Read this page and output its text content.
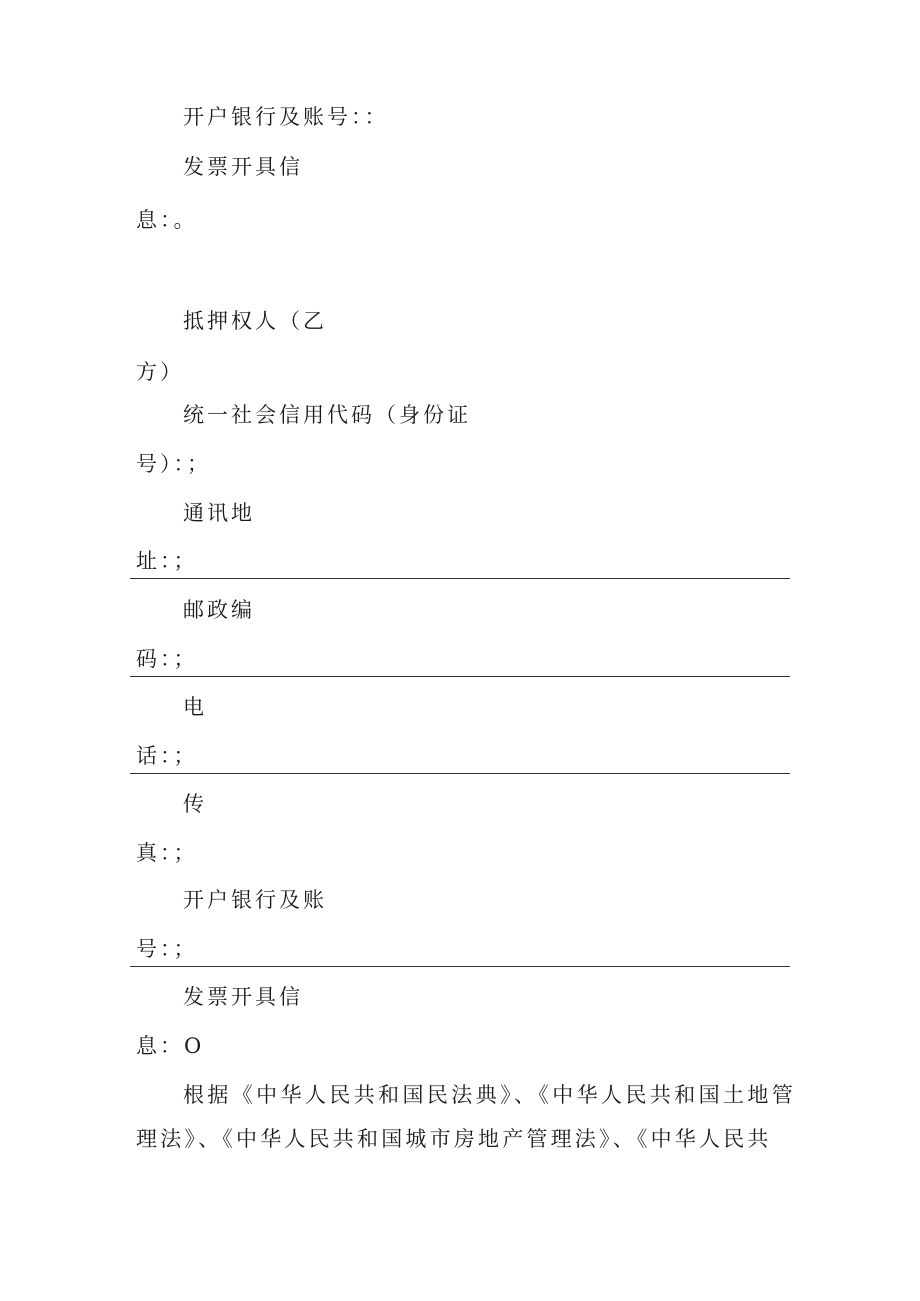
开户银行及账号：：
发票开具信
息：。
抵押权人（乙
方）
统一社会信用代码（身份证
号）：；
通讯地
址：；
邮政编
码：；
电
话：；
传
真：；
开户银行及账
号：；
发票开具信
息：O
根据《中华人民共和国民法典》、《中华人民共和国土地管理法》、《中华人民共和国城市房地产管理法》、《中华人民共
